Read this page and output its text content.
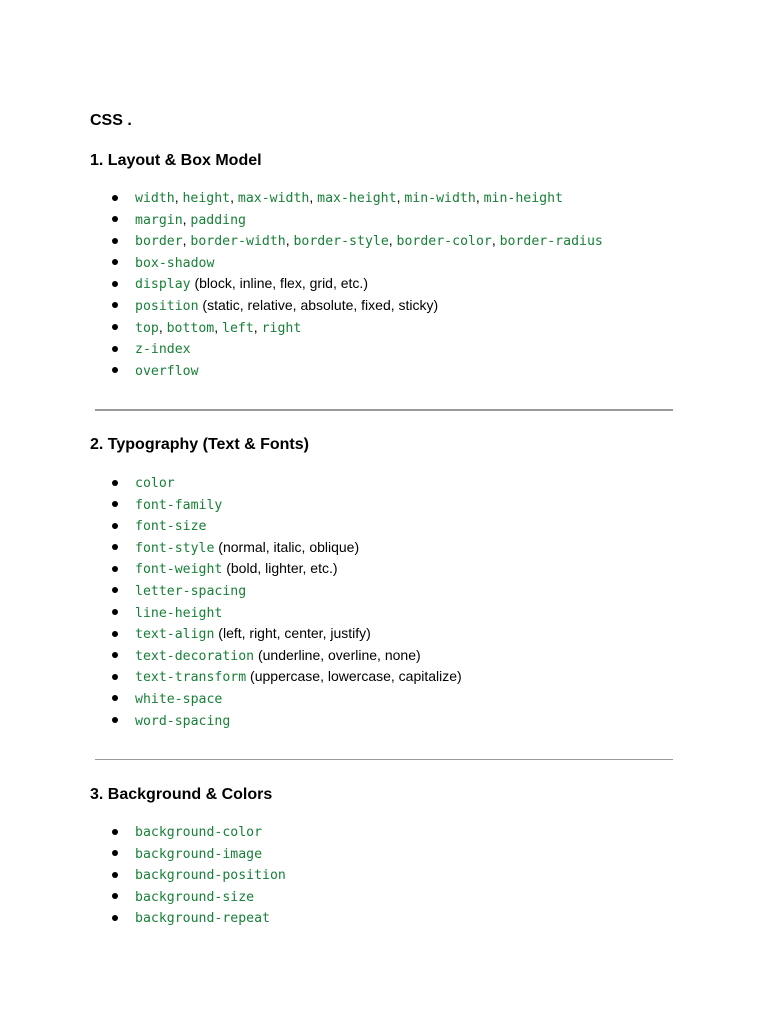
CSS .
1. Layout & Box Model
width, height, max-width, max-height, min-width, min-height
margin, padding
border, border-width, border-style, border-color, border-radius
box-shadow
display (block, inline, flex, grid, etc.)
position (static, relative, absolute, fixed, sticky)
top, bottom, left, right
z-index
overflow
2. Typography (Text & Fonts)
color
font-family
font-size
font-style (normal, italic, oblique)
font-weight (bold, lighter, etc.)
letter-spacing
line-height
text-align (left, right, center, justify)
text-decoration (underline, overline, none)
text-transform (uppercase, lowercase, capitalize)
white-space
word-spacing
3. Background & Colors
background-color
background-image
background-position
background-size
background-repeat
